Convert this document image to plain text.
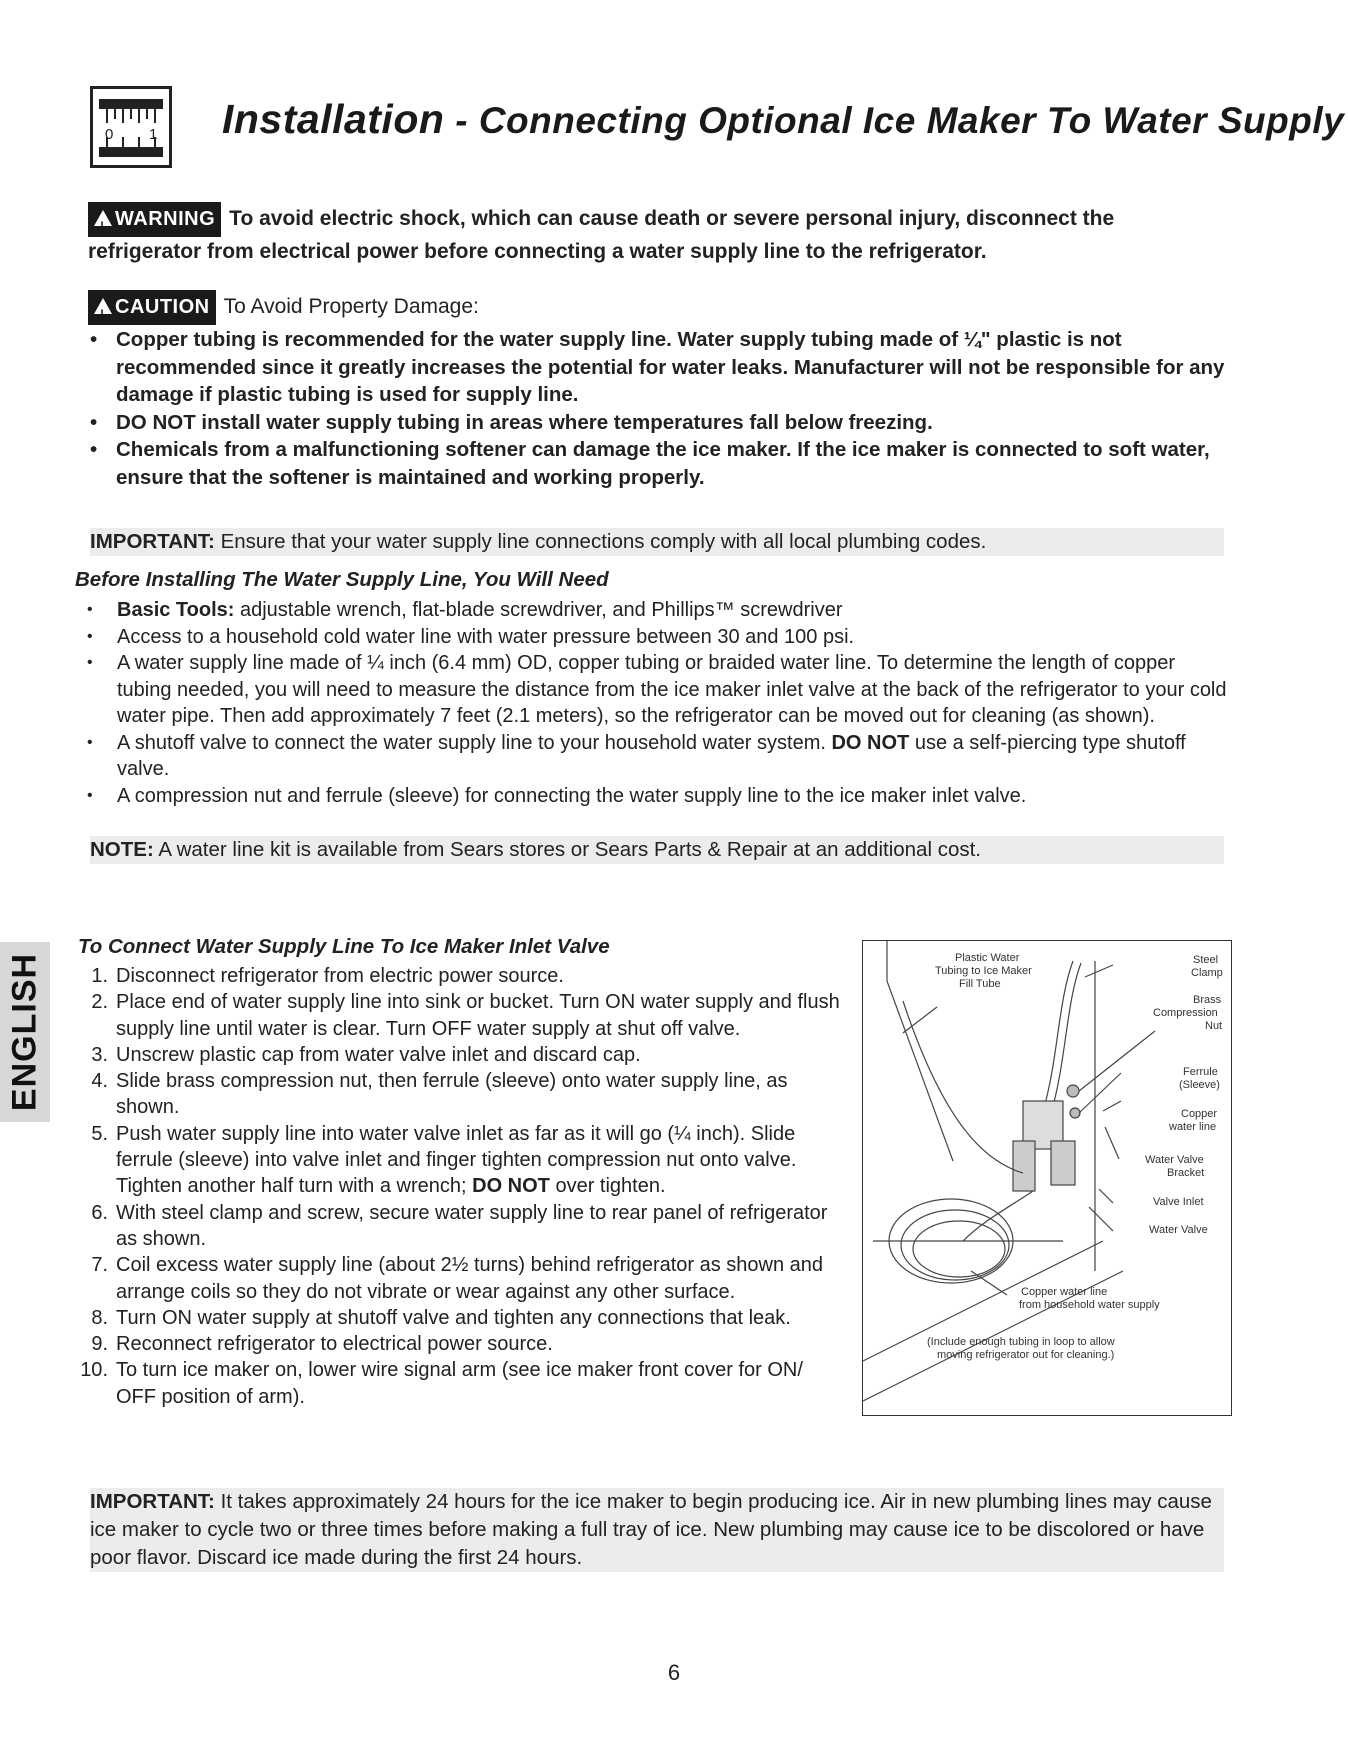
0 1 Installation - Connecting Optional Ice Maker To Water Supply
!WARNING To avoid electric shock, which can cause death or severe personal injury, disconnect the refrigerator from electrical power before connecting a water supply line to the refrigerator.
!CAUTION To Avoid Property Damage:
• Copper tubing is recommended for the water supply line. Water supply tubing made of ¼" plastic is not recommended since it greatly increases the potential for water leaks. Manufacturer will not be responsible for any damage if plastic tubing is used for supply line.
• DO NOT install water supply tubing in areas where temperatures fall below freezing.
• Chemicals from a malfunctioning softener can damage the ice maker. If the ice maker is connected to soft water, ensure that the softener is maintained and working properly.
IMPORTANT: Ensure that your water supply line connections comply with all local plumbing codes.
Before Installing The Water Supply Line, You Will Need
• Basic Tools: adjustable wrench, flat-blade screwdriver, and Phillips™ screwdriver
• Access to a household cold water line with water pressure between 30 and 100 psi.
• A water supply line made of ¼ inch (6.4 mm) OD, copper tubing or braided water line. To determine the length of copper tubing needed, you will need to measure the distance from the ice maker inlet valve at the back of the refrigerator to your cold water pipe. Then add approximately 7 feet (2.1 meters), so the refrigerator can be moved out for cleaning (as shown).
• A shutoff valve to connect the water supply line to your household water system. DO NOT use a self-piercing type shutoff valve.
• A compression nut and ferrule (sleeve) for connecting the water supply line to the ice maker inlet valve.
NOTE: A water line kit is available from Sears stores or Sears Parts & Repair at an additional cost.
ENGLISH
To Connect Water Supply Line To Ice Maker Inlet Valve
1 . Disconnect refrigerator from electric power source.
2 . Place end of water supply line into sink or bucket. Turn ON water supply and flush supply line until water is clear. Turn OFF water supply at shut off valve.
3 . Unscrew plastic cap from water valve inlet and discard cap.
4 . Slide brass compression nut, then ferrule (sleeve) onto water supply line, as shown.
5 . Push water supply line into water valve inlet as far as it will go (¼ inch). Slide ferrule (sleeve) into valve inlet and finger tighten compression nut onto valve. Tighten another half turn with a wrench; DO NOT over tighten.
6 . With steel clamp and screw, secure water supply line to rear panel of refrigerator as shown.
7 . Coil excess water supply line (about 2½ turns) behind refrigerator as shown and arrange coils so they do not vibrate or wear against any other surface.
8 . Turn ON water supply at shutoff valve and tighten any connections that leak.
9 . Reconnect refrigerator to electrical power source.
10 . To turn ice maker on, lower wire signal arm (see ice maker front cover for ON/ OFF position of arm).
Plastic Water
Tubing to Ice Maker
Fill Tube
Steel
Clamp
Brass
Compression
Nut
Ferrule
(Sleeve)
Copper
water line
Water Valve
Bracket
Valve Inlet
Water Valve
Copper water line
from household water supply
(Include enough tubing in loop to allow
moving refrigerator out for cleaning.)
IMPORTANT: It takes approximately 24 hours for the ice maker to begin producing ice. Air in new plumbing lines may cause ice maker to cycle two or three times before making a full tray of ice. New plumbing may cause ice to be discolored or have poor flavor. Discard ice made during the first 24 hours.
6
